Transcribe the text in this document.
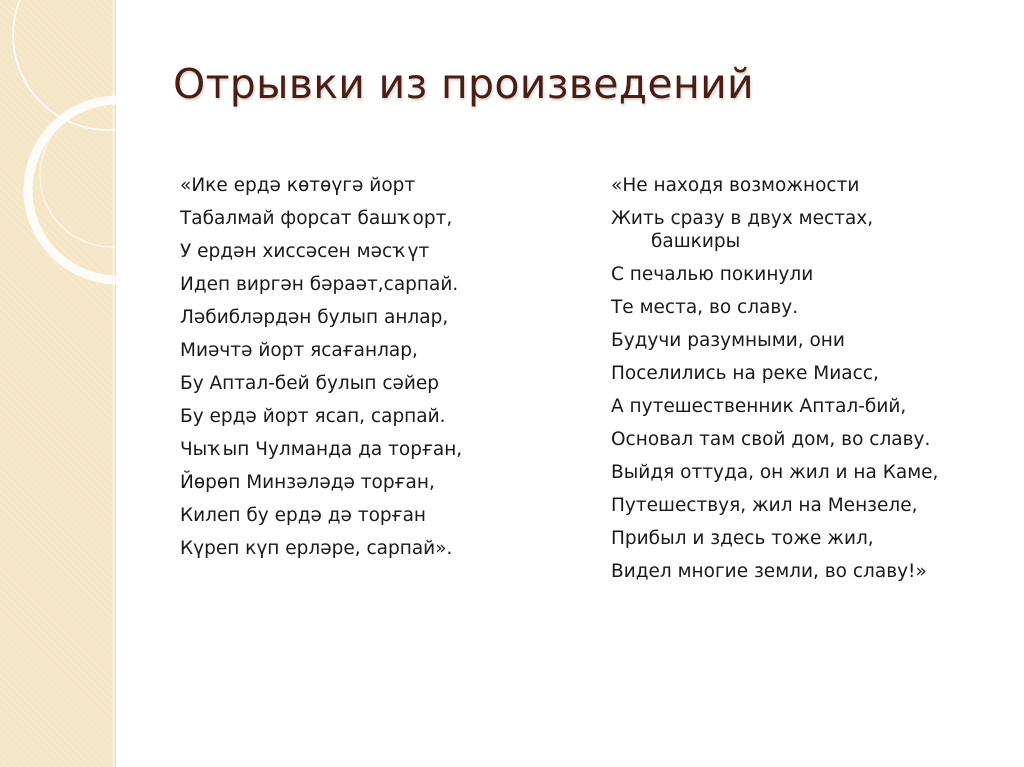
Отрывки из произведений
«Ике ердә көтөүгә йорт
Табалмай форсат башҡорт,
У ердән хиссәсен мәсҡүт
Идеп виргән бәраәт,сарпай.
Ләбибләрдән булып анлар,
Миәчтә йорт ясағанлар,
Бу Аптал-бей булып сәйер
Бу ердә йорт ясап, сарпай.
Чыҡып Чулманда да торған,
Йөрөп Минзәләдә торған,
Килеп бу ердә дә торған
Күреп күп ерләре, сарпай».
«Не находя возможности
Жить сразу в двух местах,
башкиры
С печалью покинули
Те места, во славу.
Будучи разумными, они
Поселились на реке Миасс,
А путешественник Аптал-бий,
Основал там свой дом, во славу.
Выйдя оттуда, он жил и на Каме,
Путешествуя, жил на Мензеле,
Прибыл и здесь тоже жил,
Видел многие земли, во славу!»
